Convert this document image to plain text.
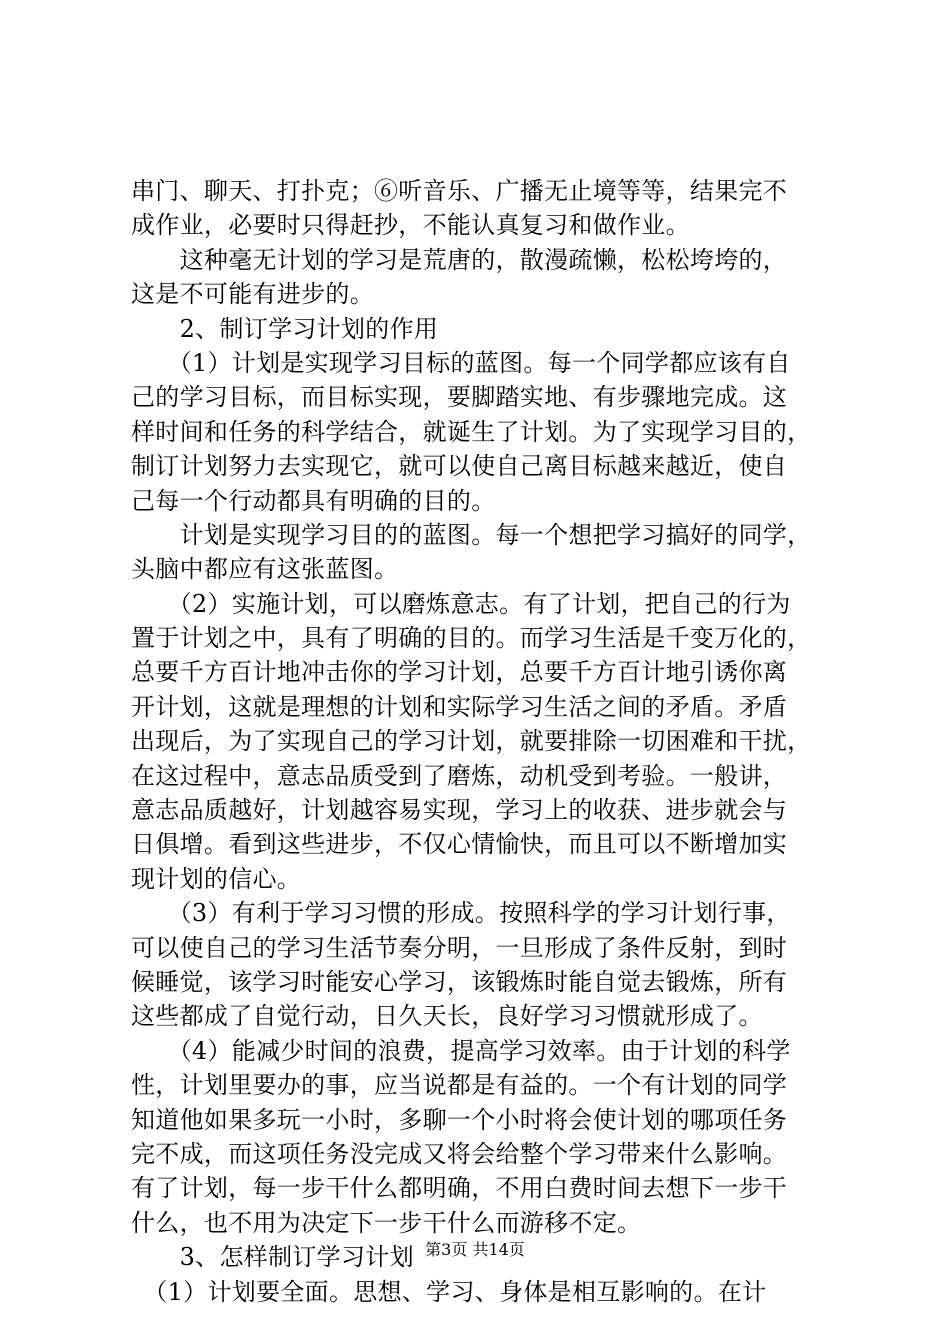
串门、聊天、打扑克；⑥听音乐、广播无止境等等，结果完不
成作业，必要时只得赶抄，不能认真复习和做作业。
　　这种毫无计划的学习是荒唐的，散漫疏懒，松松垮垮的，
这是不可能有进步的。
　　2、制订学习计划的作用
　　（1）计划是实现学习目标的蓝图。每一个同学都应该有自
己的学习目标，而目标实现，要脚踏实地、有步骤地完成。这
样时间和任务的科学结合，就诞生了计划。为了实现学习目的，
制订计划努力去实现它，就可以使自己离目标越来越近，使自
己每一个行动都具有明确的目的。
　　计划是实现学习目的的蓝图。每一个想把学习搞好的同学，
头脑中都应有这张蓝图。
　　（2）实施计划，可以磨炼意志。有了计划，把自己的行为
置于计划之中，具有了明确的目的。而学习生活是千变万化的，
总要千方百计地冲击你的学习计划，总要千方百计地引诱你离
开计划，这就是理想的计划和实际学习生活之间的矛盾。矛盾
出现后，为了实现自己的学习计划，就要排除一切困难和干扰，
在这过程中，意志品质受到了磨炼，动机受到考验。一般讲，
意志品质越好，计划越容易实现，学习上的收获、进步就会与
日俱增。看到这些进步，不仅心情愉快，而且可以不断增加实
现计划的信心。
　　（3）有利于学习习惯的形成。按照科学的学习计划行事，
可以使自己的学习生活节奏分明，一旦形成了条件反射，到时
候睡觉，该学习时能安心学习，该锻炼时能自觉去锻炼，所有
这些都成了自觉行动，日久天长，良好学习习惯就形成了。
　　（4）能减少时间的浪费，提高学习效率。由于计划的科学
性，计划里要办的事，应当说都是有益的。一个有计划的同学
知道他如果多玩一小时，多聊一个小时将会使计划的哪项任务
完不成，而这项任务没完成又将会给整个学习带来什么影响。
有了计划，每一步干什么都明确，不用白费时间去想下一步干
什么，也不用为决定下一步干什么而游移不定。
　　3、怎样制订学习计划
　（1）计划要全面。思想、学习、身体是相互影响的。在计
第3页 共14页
